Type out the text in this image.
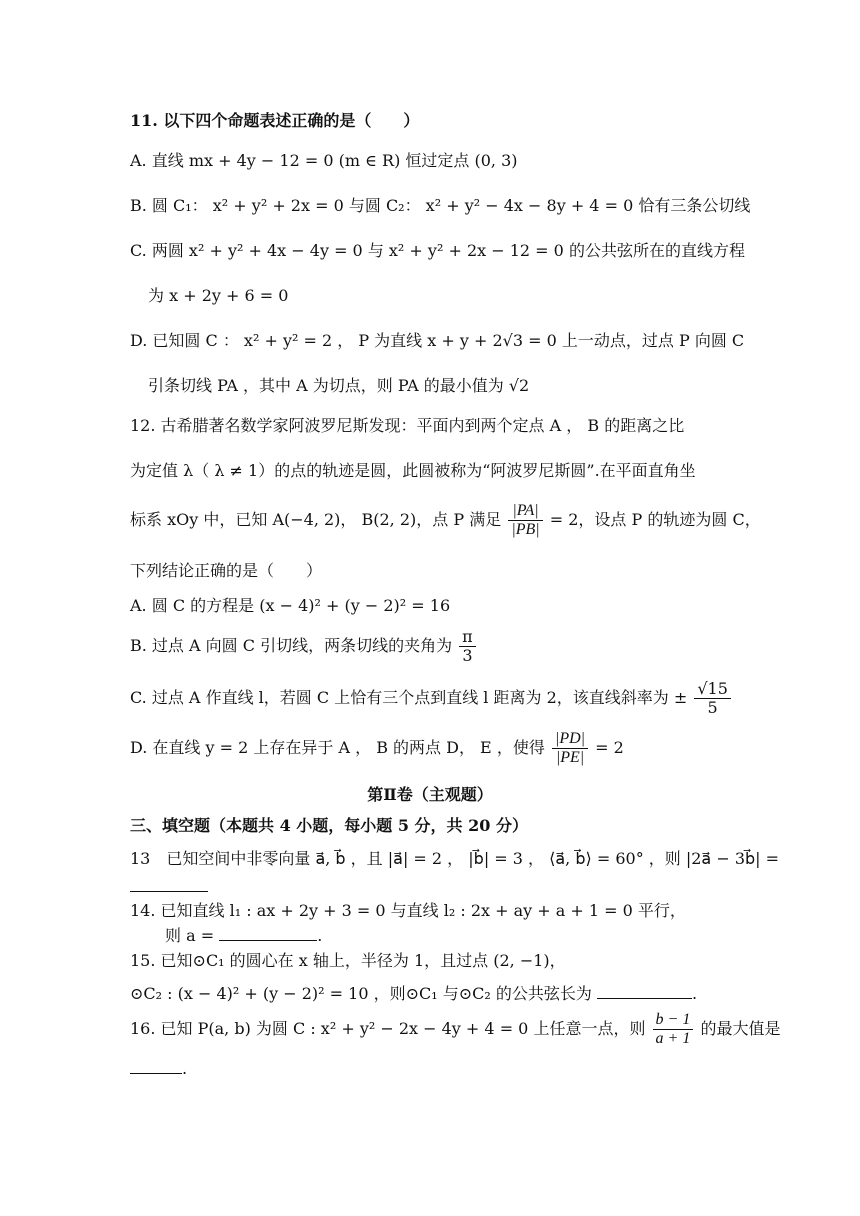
11. 以下四个命题表述正确的是（　　）
A. 直线 mx + 4y − 12 = 0 (m ∈ R) 恒过定点 (0, 3)
B. 圆 C₁： x² + y² + 2x = 0 与圆 C₂： x² + y² − 4x − 8y + 4 = 0 恰有三条公切线
C. 两圆 x² + y² + 4x − 4y = 0 与 x² + y² + 2x − 12 = 0 的公共弦所在的直线方程
为 x + 2y + 6 = 0
D. 已知圆 C ： x² + y² = 2 ， P 为直线 x + y + 2√3 = 0 上一动点，过点 P 向圆 C
引条切线 PA ，其中 A 为切点，则 PA 的最小值为 √2
12. 古希腊著名数学家阿波罗尼斯发现：平面内到两个定点 A ， B 的距离之比
为定值 λ（ λ ≠ 1）的点的轨迹是圆，此圆被称为“阿波罗尼斯圆”.在平面直角坐
标系 xOy 中，已知 A(−4, 2)， B(2, 2)，点 P 满足 $\frac{|PA|}{|PB|} = 2$，设点 P 的轨迹为圆 C，
下列结论正确的是（　　）
A. 圆 C 的方程是 (x − 4)² + (y − 2)² = 16
B. 过点 A 向圆 C 引切线，两条切线的夹角为 $\frac{\pi}{3}$
C. 过点 A 作直线 l，若圆 C 上恰有三个点到直线 l 距离为 2，该直线斜率为 ± $\frac{√15}{5}$
D. 在直线 y = 2 上存在异于 A ， B 的两点 D， E ，使得 $\frac{|PD|}{|PE|} = 2$
第Ⅱ卷（主观题）
三、填空题（本题共 4 小题，每小题 5 分，共 20 分）
13　已知空间中非零向量 a⃗, b⃗ ，且 |a⃗| = 2 ， |b⃗| = 3 ， ⟨a⃗, b⃗⟩ = 60° ，则 |2a⃗ − 3b⃗| =
14. 已知直线 l₁ : ax + 2y + 3 = 0 与直线 l₂ : 2x + ay + a + 1 = 0 平行，
则 a =	.
15. 已知⊙C₁ 的圆心在 x 轴上，半径为 1，且过点 (2, −1)，
⊙C₂ : (x − 4)² + (y − 2)² = 10 ，则⊙C₁ 与⊙C₂ 的公共弦长为	.
16. 已知 P(a, b) 为圆 C : x² + y² − 2x − 4y + 4 = 0 上任意一点，则 $\frac{b - 1}{a + 1}$ 的最大值是
.
